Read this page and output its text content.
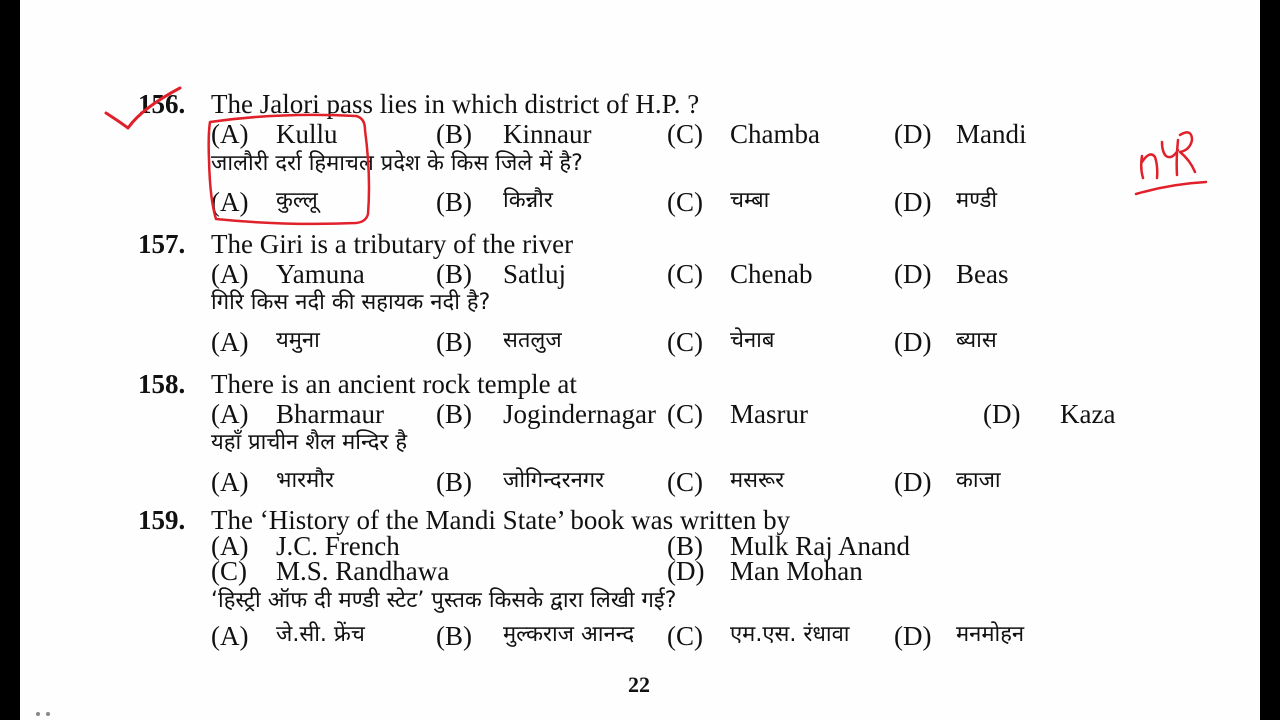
156. The Jalori pass lies in which district of H.P. ?
(A) Kullu	(B) Kinnaur	(C) Chamba	(D) Mandi
जालौरी दर्रा हिमाचल प्रदेश के किस जिले में है?
(A) कुल्लू	(B) किन्नौर	(C) चम्बा	(D) मण्डी
157. The Giri is a tributary of the river
(A) Yamuna	(B) Satluj	(C) Chenab	(D) Beas
गिरि किस नदी की सहायक नदी है?
(A) यमुना	(B) सतलुज	(C) चेनाब	(D) ब्यास
158. There is an ancient rock temple at
(A) Bharmaur (B) Jogindernagar (C) Masrur	(D) Kaza
यहाँ प्राचीन शैल मन्दिर है
(A) भारमौर	(B) जोगिन्दरनगर (C) मसरूर	(D) काजा
159. The ‘History of the Mandi State’ book was written by
(A) J.C. French	(B) Mulk Raj Anand
(C) M.S. Randhawa	(D) Man Mohan
‘हिस्ट्री ऑफ दी मण्डी स्टेट’ पुस्तक किसके द्वारा लिखी गई?
(A) जे.सी. फ्रेंच	(B) मुल्कराज आनन्द (C) एम.एस. रंधावा (D) मनमोहन
22
